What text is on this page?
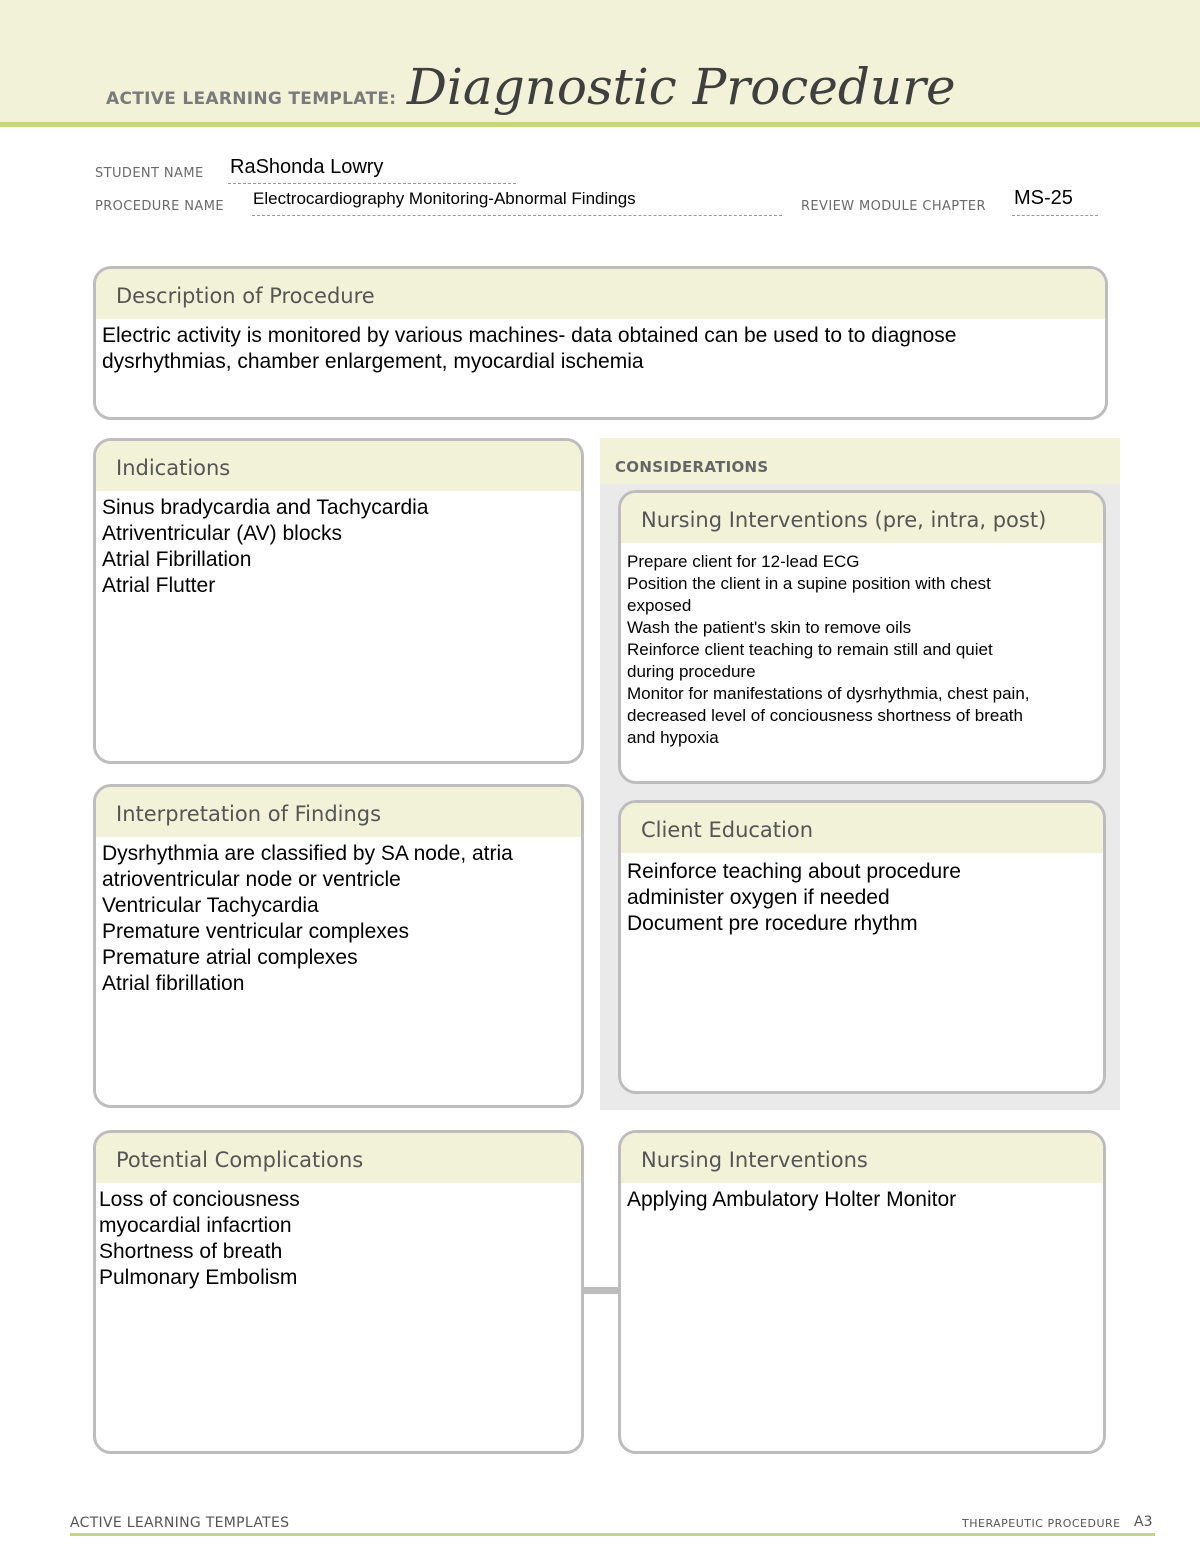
ACTIVE LEARNING TEMPLATE: Diagnostic Procedure
STUDENT NAME RaShonda Lowry
PROCEDURE NAME Electrocardiography Monitoring-Abnormal Findings	REVIEW MODULE CHAPTER MS-25
Description of Procedure
Electric activity is monitored by various machines- data obtained can be used to to diagnose
dysrhythmias, chamber enlargement, myocardial ischemia
Indications
Sinus bradycardia and Tachycardia
Atriventricular (AV) blocks
Atrial Fibrillation
Atrial Flutter
Interpretation of Findings
Dysrhythmia are classified by SA node, atria
atrioventricular node or ventricle
Ventricular Tachycardia
Premature ventricular complexes
Premature atrial complexes
Atrial fibrillation
CONSIDERATIONS
Nursing Interventions (pre, intra, post)
Prepare client for 12-lead ECG
Position the client in a supine position with chest
exposed
Wash the patient's skin to remove oils
Reinforce client teaching to remain still and quiet
during procedure
Monitor for manifestations of dysrhythmia, chest pain,
decreased level of conciousness shortness of breath
and hypoxia
Client Education
Reinforce teaching about procedure
administer oxygen if needed
Document pre rocedure rhythm
Potential Complications
Loss of conciousness
myocardial infacrtion
Shortness of breath
Pulmonary Embolism
Nursing Interventions
Applying Ambulatory Holter Monitor
ACTIVE LEARNING TEMPLATES	THERAPEUTIC PROCEDURE A3
